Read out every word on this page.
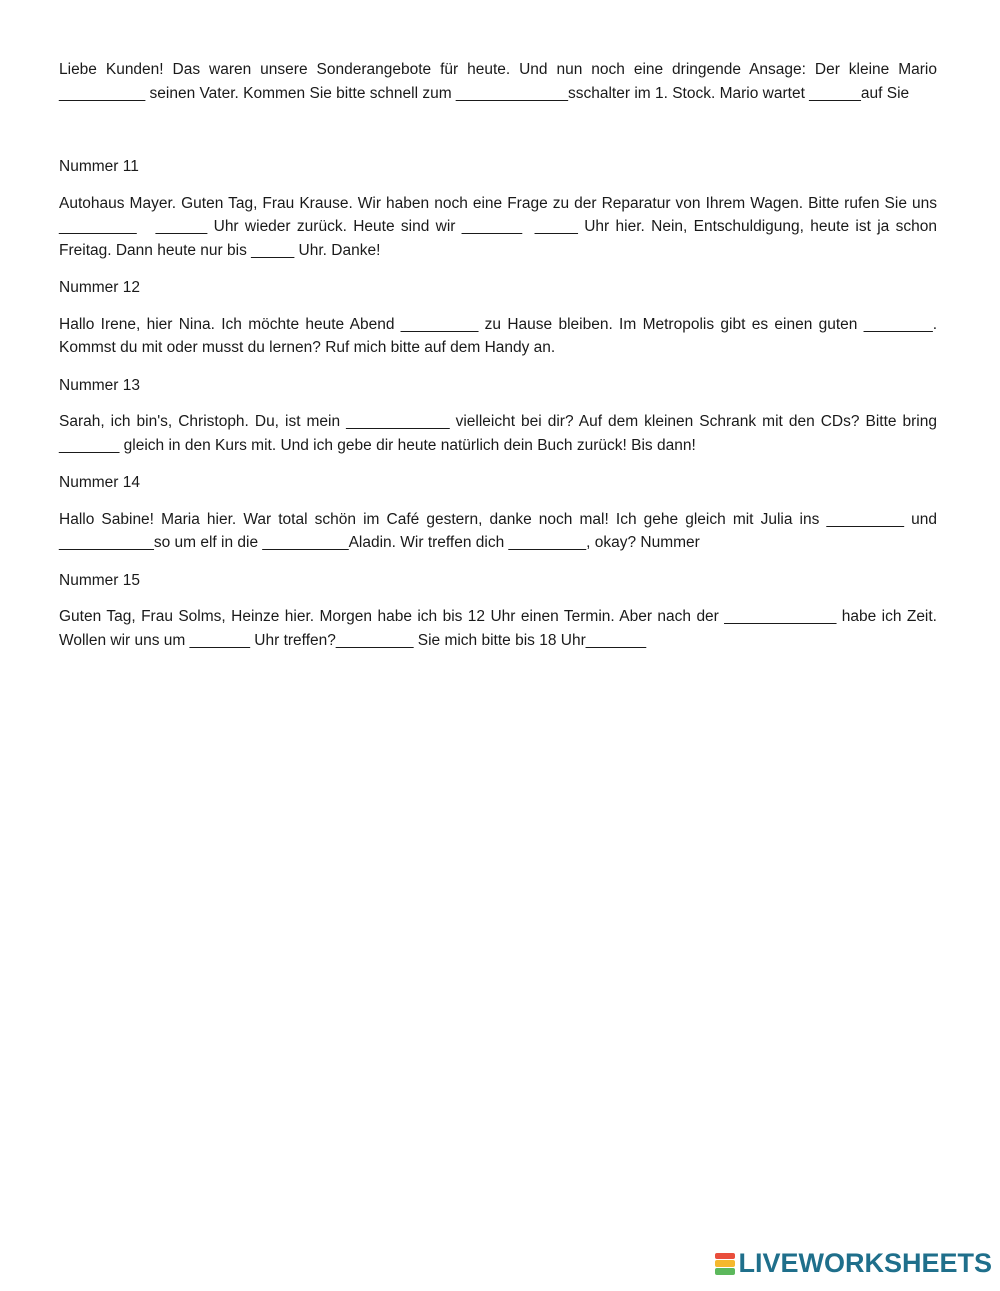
Liebe Kunden! Das waren unsere Sonderangebote für heute. Und nun noch eine dringende Ansage: Der kleine Mario __________ seinen Vater. Kommen Sie bitte schnell zum _____________sschalter im 1. Stock. Mario wartet ______auf Sie

Nummer 11

Autohaus Mayer. Guten Tag, Frau Krause. Wir haben noch eine Frage zu der Reparatur von Ihrem Wagen. Bitte rufen Sie uns _________   ______ Uhr wieder zurück. Heute sind wir _______  _____ Uhr hier. Nein, Entschuldigung, heute ist ja schon Freitag. Dann heute nur bis _____ Uhr. Danke!

Nummer 12

Hallo Irene, hier Nina. Ich möchte heute Abend _________ zu Hause bleiben. Im Metropolis gibt es einen guten ________. Kommst du mit oder musst du lernen? Ruf mich bitte auf dem Handy an.

Nummer 13

Sarah, ich bin's, Christoph. Du, ist mein ____________ vielleicht bei dir? Auf dem kleinen Schrank mit den CDs? Bitte bring _______ gleich in den Kurs mit. Und ich gebe dir heute natürlich dein Buch zurück! Bis dann!

Nummer 14

Hallo Sabine! Maria hier. War total schön im Café gestern, danke noch mal! Ich gehe gleich mit Julia ins _________ und ___________so um elf in die __________Aladin. Wir treffen dich _________, okay? Nummer

Nummer 15

Guten Tag, Frau Solms, Heinze hier. Morgen habe ich bis 12 Uhr einen Termin. Aber nach der _____________ habe ich Zeit. Wollen wir uns um _______ Uhr treffen?_________ Sie mich bitte bis 18 Uhr_______

LIVEWORKSHEETS
